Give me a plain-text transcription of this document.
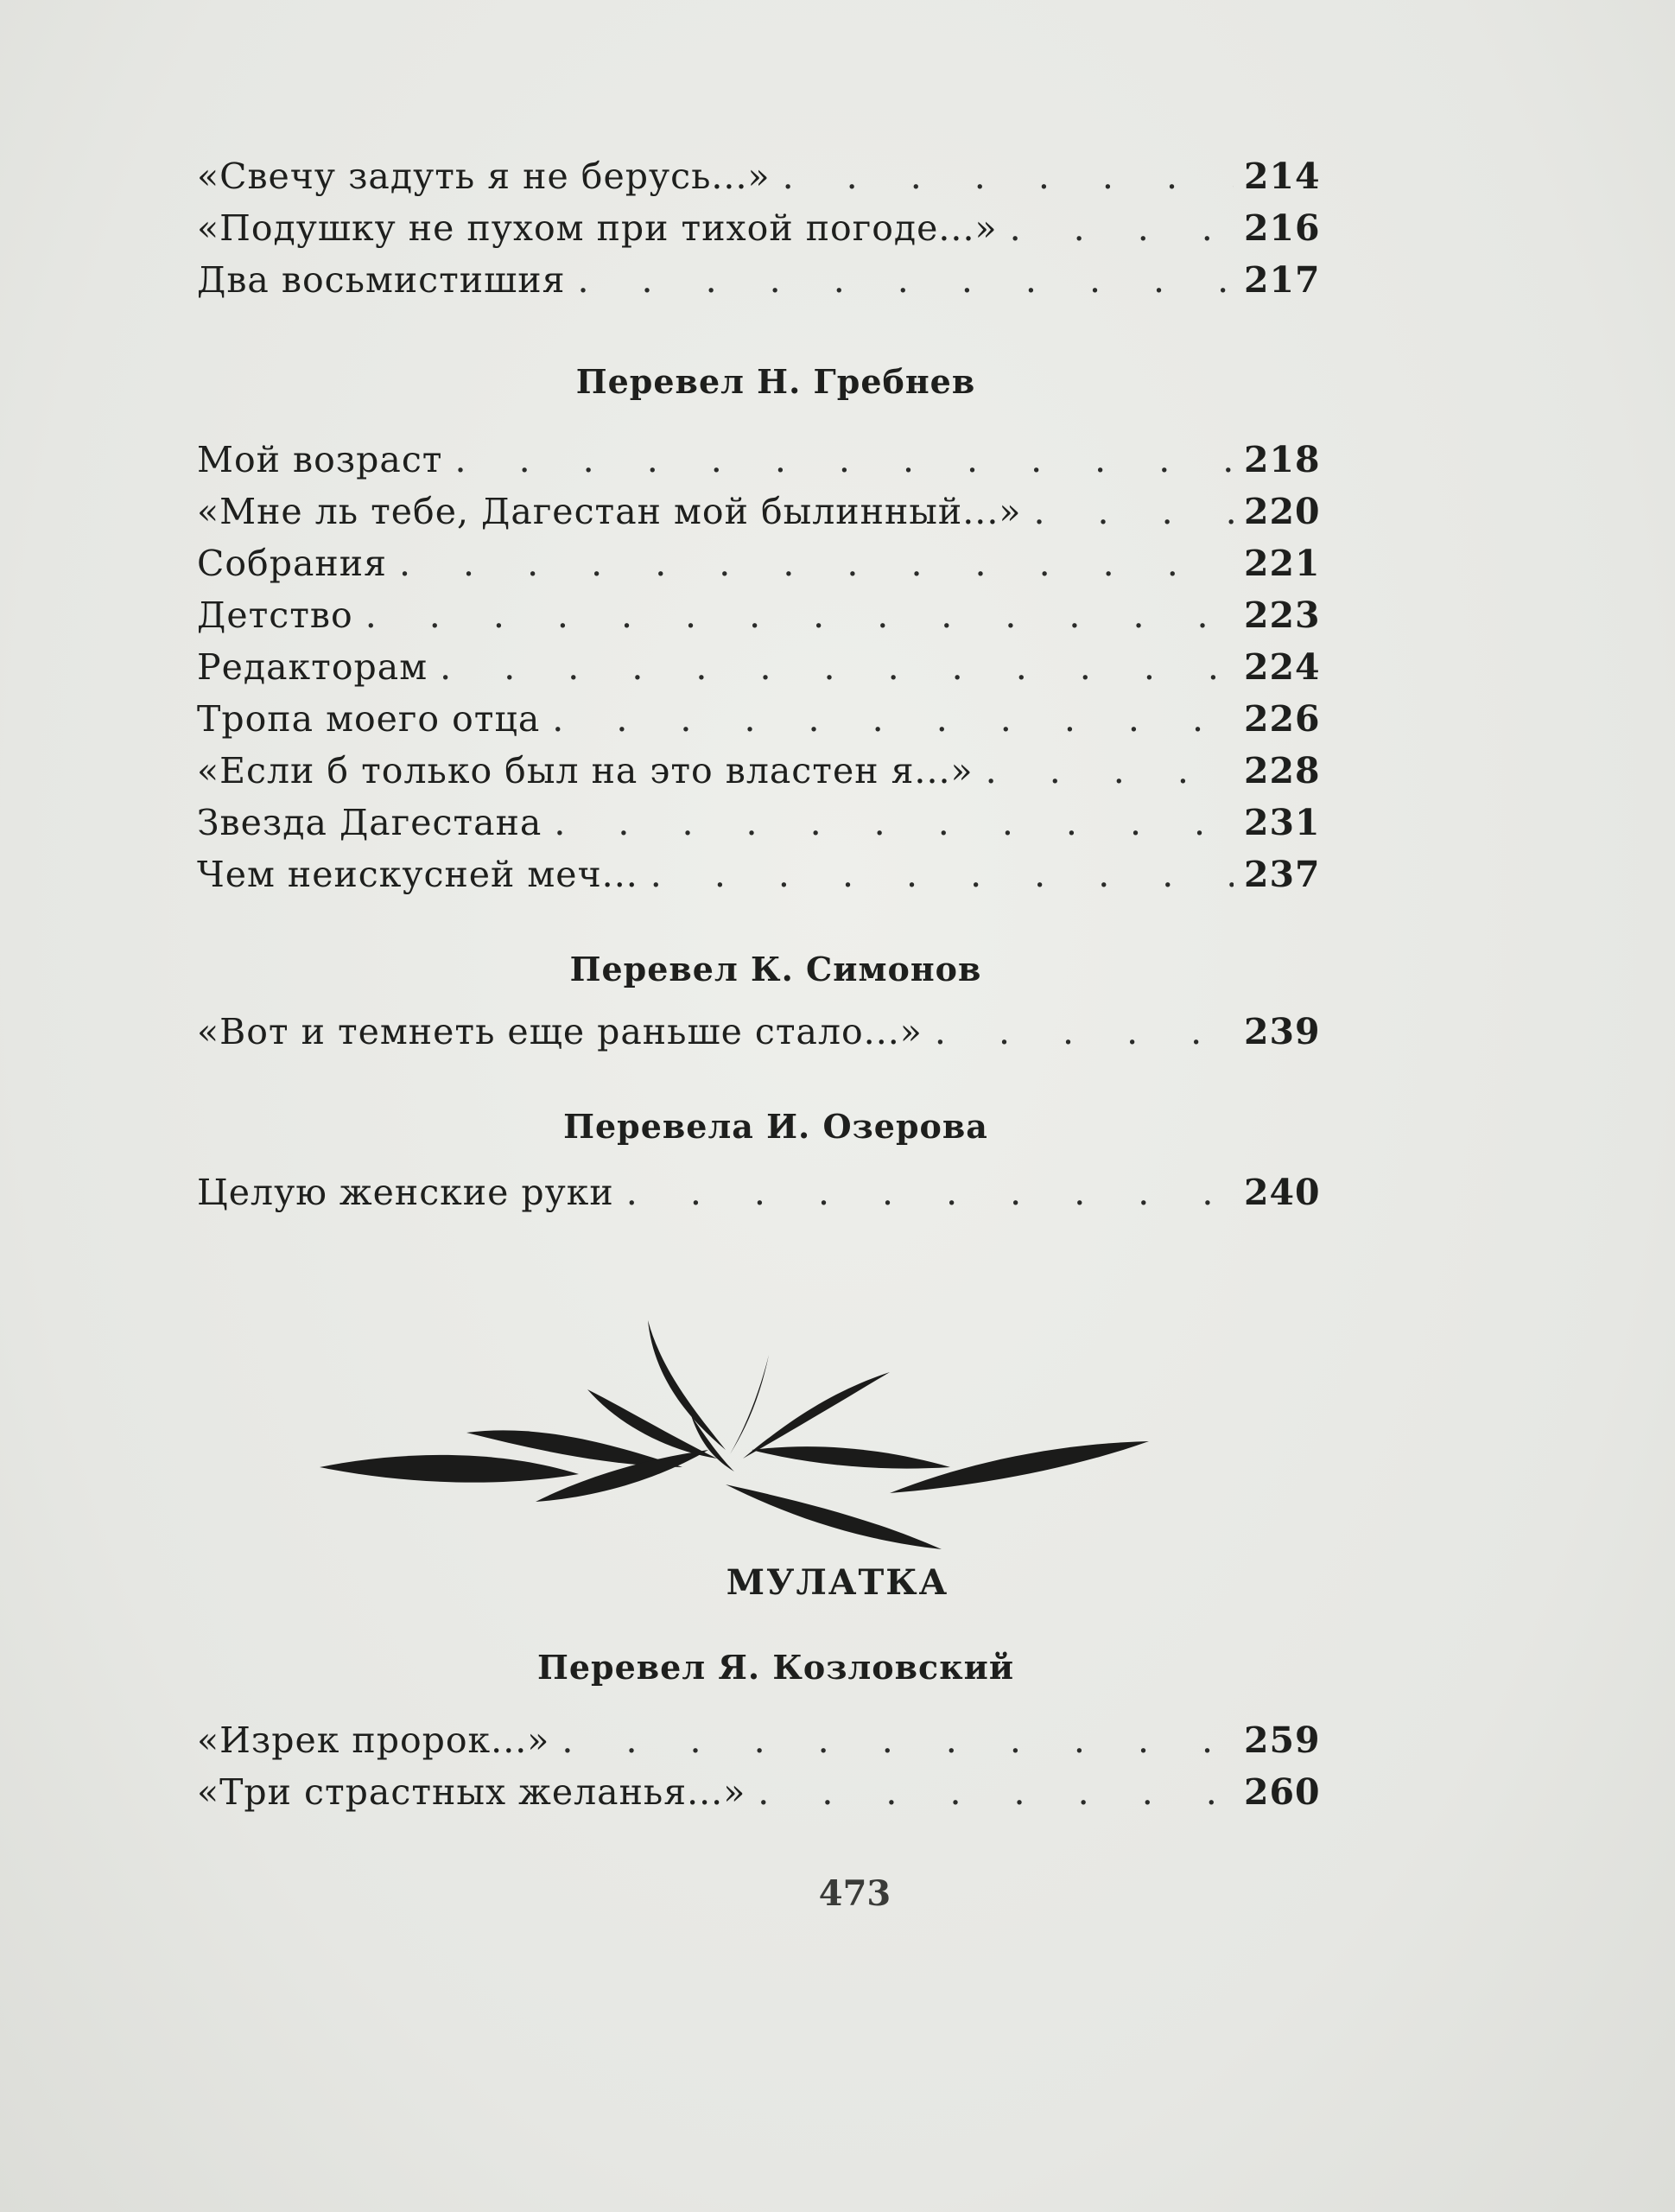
«Свечу задуть я не берусь...» . . .	214
«Подушку не пухом при тихой погоде...» . . .	216
Два восьмистишия . . .	217
Перевел Н. Гребнев
Мой возраст . . .	218
«Мне ль тебе, Дагестан мой былинный...» . . .	220
Собрания . . .	221
Детство . . .	223
Редакторам . . .	224
Тропа моего отца . . .	226
«Если б только был на это властен я...» . . .	228
Звезда Дагестана . . .	231
Чем неискусней меч... . . .	237
Перевел К. Симонов
«Вот и темнеть еще раньше стало...» . . .	239
Перевела И. Озерова
Целую женские руки . . .	240
МУЛАТКА
Перевел Я. Козловский
«Изрек пророк...» . . .	259
«Три страстных желанья...» . . .	260
473
